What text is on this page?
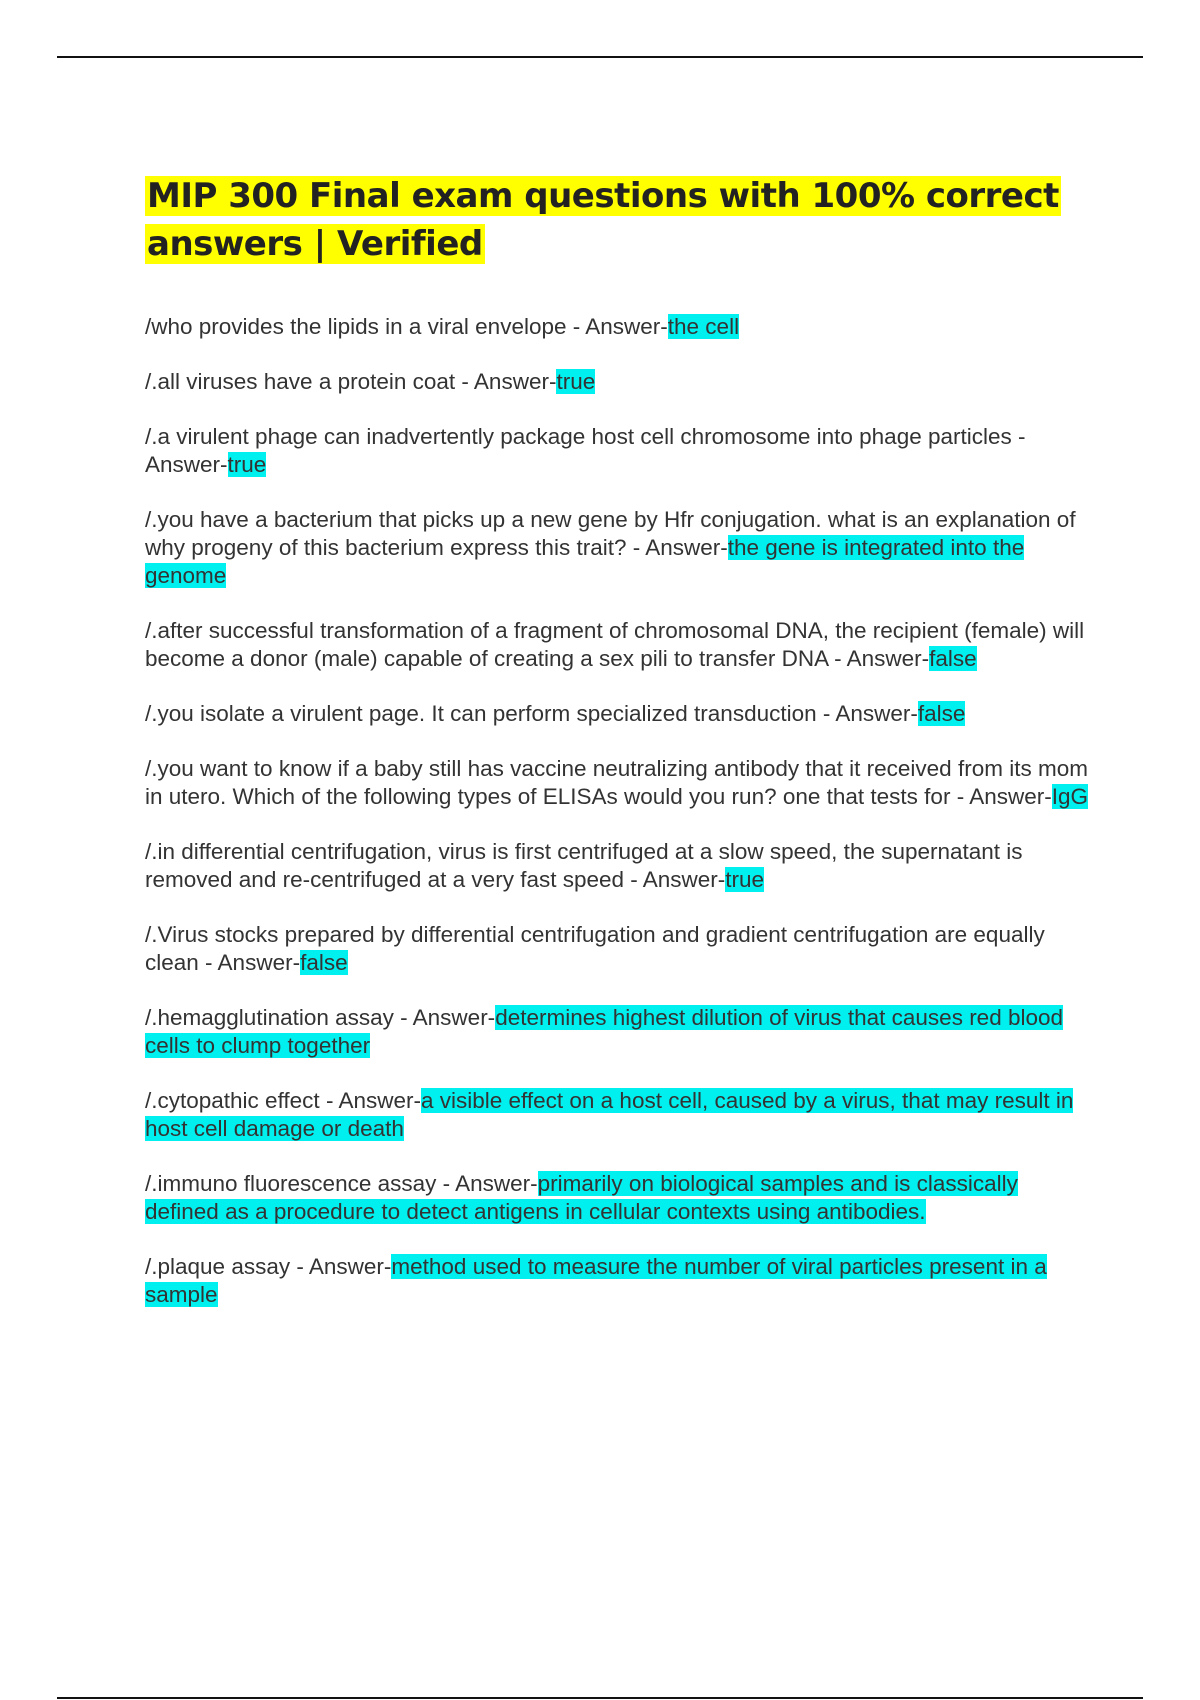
MIP 300 Final exam questions with 100% correct answers | Verified

/who provides the lipids in a viral envelope - Answer-the cell

/.all viruses have a protein coat - Answer-true

/.a virulent phage can inadvertently package host cell chromosome into phage particles - Answer-true

/.you have a bacterium that picks up a new gene by Hfr conjugation. what is an explanation of why progeny of this bacterium express this trait? - Answer-the gene is integrated into the genome

/.after successful transformation of a fragment of chromosomal DNA, the recipient (female) will become a donor (male) capable of creating a sex pili to transfer DNA - Answer-false

/.you isolate a virulent page. It can perform specialized transduction - Answer-false

/.you want to know if a baby still has vaccine neutralizing antibody that it received from its mom in utero. Which of the following types of ELISAs would you run? one that tests for - Answer-IgG

/.in differential centrifugation, virus is first centrifuged at a slow speed, the supernatant is removed and re-centrifuged at a very fast speed - Answer-true

/.Virus stocks prepared by differential centrifugation and gradient centrifugation are equally clean - Answer-false

/.hemagglutination assay - Answer-determines highest dilution of virus that causes red blood cells to clump together

/.cytopathic effect - Answer-a visible effect on a host cell, caused by a virus, that may result in host cell damage or death

/.immuno fluorescence assay - Answer-primarily on biological samples and is classically defined as a procedure to detect antigens in cellular contexts using antibodies.

/.plaque assay - Answer-method used to measure the number of viral particles present in a sample
